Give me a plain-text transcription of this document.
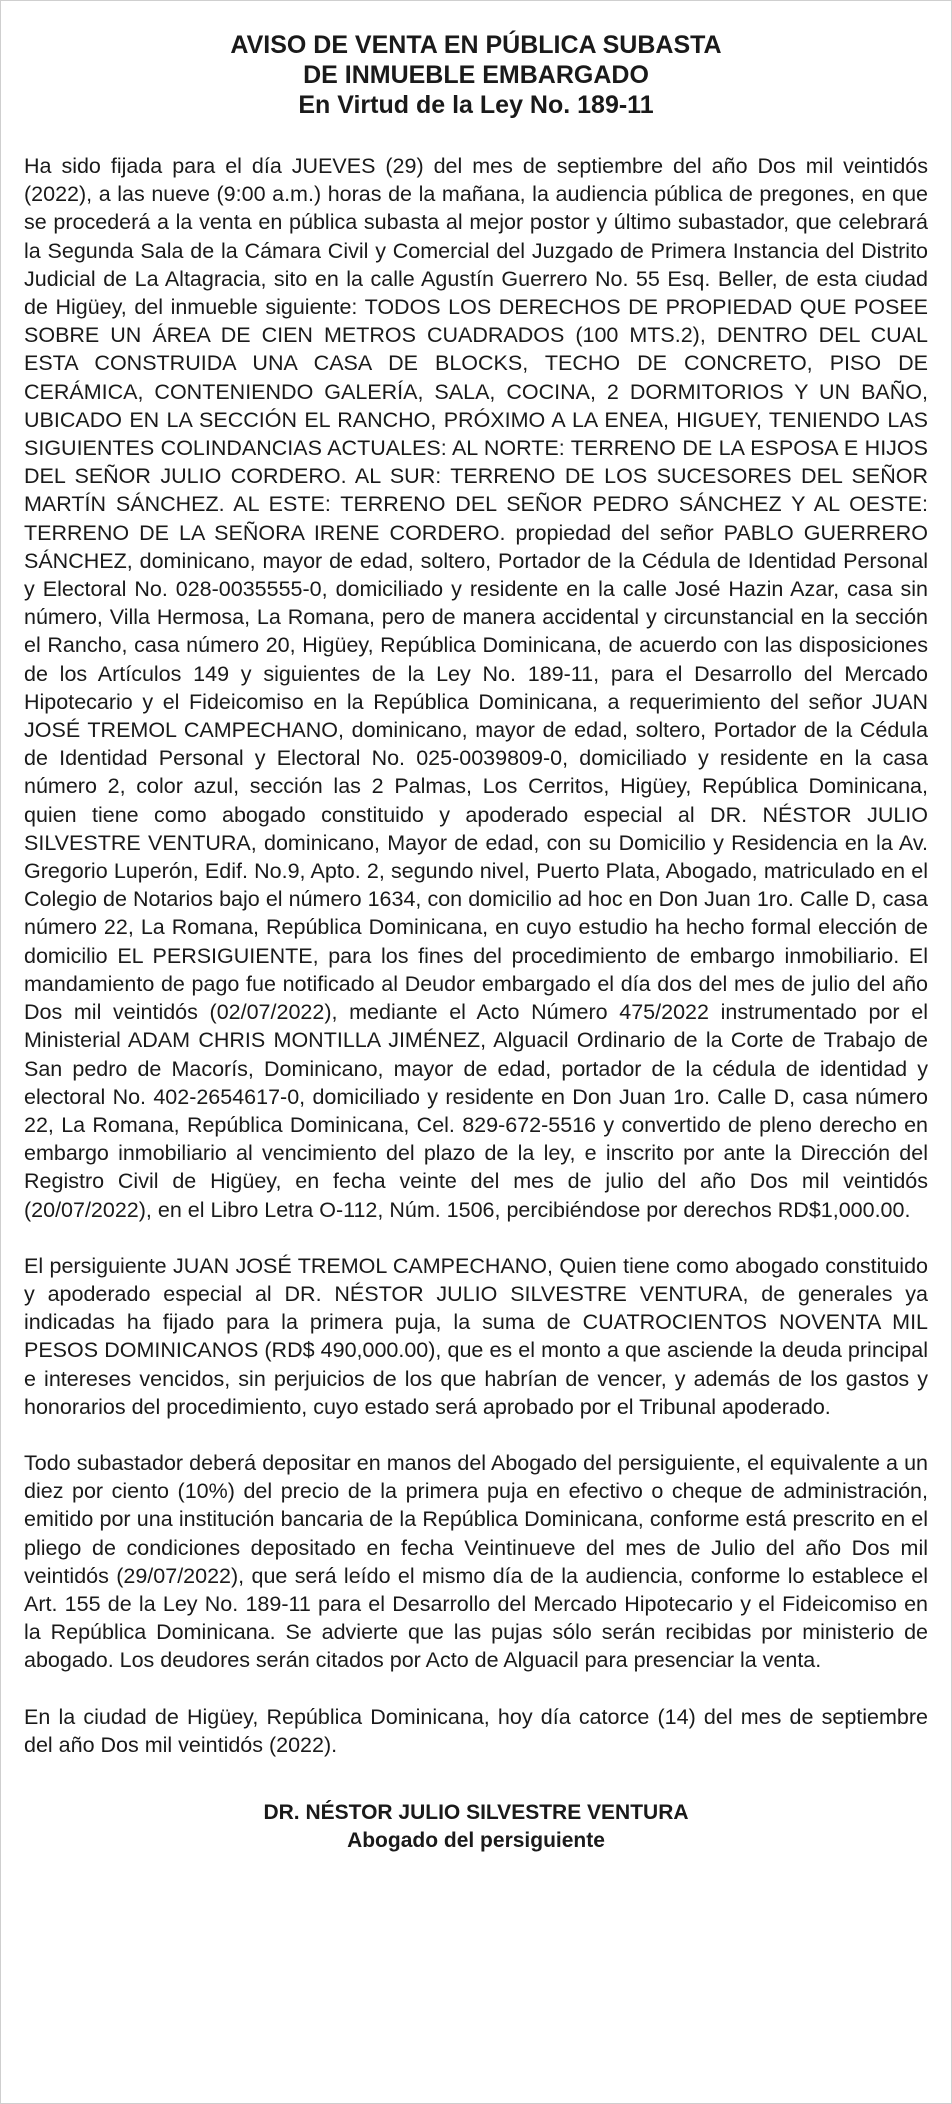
AVISO DE VENTA EN PÚBLICA SUBASTA
DE INMUEBLE EMBARGADO
En Virtud de la Ley No. 189-11

Ha sido fijada para el día JUEVES (29) del mes de septiembre del año Dos mil veintidós (2022), a las nueve (9:00 a.m.) horas de la mañana, la audiencia pública de pregones, en que se procederá a la venta en pública subasta al mejor postor y último subastador, que celebrará la Segunda Sala de la Cámara Civil y Comercial del Juzgado de Primera Instancia del Distrito Judicial de La Altagracia, sito en la calle Agustín Guerrero No. 55 Esq. Beller, de esta ciudad de Higüey, del inmueble siguiente: TODOS LOS DERECHOS DE PROPIEDAD QUE POSEE SOBRE UN ÁREA DE CIEN METROS CUADRADOS (100 MTS.2), DENTRO DEL CUAL ESTA CONSTRUIDA UNA CASA DE BLOCKS, TECHO DE CONCRETO, PISO DE CERÁMICA, CONTENIENDO GALERÍA, SALA, COCINA, 2 DORMITORIOS Y UN BAÑO, UBICADO EN LA SECCIÓN EL RANCHO, PRÓXIMO A LA ENEA, HIGUEY, TENIENDO LAS SIGUIENTES COLINDANCIAS ACTUALES: AL NORTE: TERRENO DE LA ESPOSA E HIJOS DEL SEÑOR JULIO CORDERO. AL SUR: TERRENO DE LOS SUCESORES DEL SEÑOR MARTÍN SÁNCHEZ. AL ESTE: TERRENO DEL SEÑOR PEDRO SÁNCHEZ Y AL OESTE: TERRENO DE LA SEÑORA IRENE CORDERO. propiedad del señor PABLO GUERRERO SÁNCHEZ, dominicano, mayor de edad, soltero, Portador de la Cédula de Identidad Personal y Electoral No. 028-0035555-0, domiciliado y residente en la calle José Hazin Azar, casa sin número, Villa Hermosa, La Romana, pero de manera accidental y circunstancial en la sección el Rancho, casa número 20, Higüey, República Dominicana, de acuerdo con las disposiciones de los Artículos 149 y siguientes de la Ley No. 189-11, para el Desarrollo del Mercado Hipotecario y el Fideicomiso en la República Dominicana, a requerimiento del señor JUAN JOSÉ TREMOL CAMPECHANO, dominicano, mayor de edad, soltero, Portador de la Cédula de Identidad Personal y Electoral No. 025-0039809-0, domiciliado y residente en la casa número 2, color azul, sección las 2 Palmas, Los Cerritos, Higüey, República Dominicana, quien tiene como abogado constituido y apoderado especial al DR. NÉSTOR JULIO SILVESTRE VENTURA, dominicano, Mayor de edad, con su Domicilio y Residencia en la Av. Gregorio Luperón, Edif. No.9, Apto. 2, segundo nivel, Puerto Plata, Abogado, matriculado en el Colegio de Notarios bajo el número 1634, con domicilio ad hoc en Don Juan 1ro. Calle D, casa número 22, La Romana, República Dominicana, en cuyo estudio ha hecho formal elección de domicilio EL PERSIGUIENTE, para los fines del procedimiento de embargo inmobiliario. El mandamiento de pago fue notificado al Deudor embargado el día dos del mes de julio del año Dos mil veintidós (02/07/2022), mediante el Acto Número 475/2022 instrumentado por el Ministerial ADAM CHRIS MONTILLA JIMÉNEZ, Alguacil Ordinario de la Corte de Trabajo de San pedro de Macorís, Dominicano, mayor de edad, portador de la cédula de identidad y electoral No. 402-2654617-0, domiciliado y residente en Don Juan 1ro. Calle D, casa número 22, La Romana, República Dominicana, Cel. 829-672-5516 y convertido de pleno derecho en embargo inmobiliario al vencimiento del plazo de la ley, e inscrito por ante la Dirección del Registro Civil de Higüey, en fecha veinte del mes de julio del año Dos mil veintidós (20/07/2022), en el Libro Letra O-112, Núm. 1506, percibiéndose por derechos RD$1,000.00.

El persiguiente JUAN JOSÉ TREMOL CAMPECHANO, Quien tiene como abogado constituido y apoderado especial al DR. NÉSTOR JULIO SILVESTRE VENTURA, de generales ya indicadas ha fijado para la primera puja, la suma de CUATROCIENTOS NOVENTA MIL PESOS DOMINICANOS (RD$ 490,000.00), que es el monto a que asciende la deuda principal e intereses vencidos, sin perjuicios de los que habrían de vencer, y además de los gastos y honorarios del procedimiento, cuyo estado será aprobado por el Tribunal apoderado.

Todo subastador deberá depositar en manos del Abogado del persiguiente, el equivalente a un diez por ciento (10%) del precio de la primera puja en efectivo o cheque de administración, emitido por una institución bancaria de la República Dominicana, conforme está prescrito en el pliego de condiciones depositado en fecha Veintinueve del mes de Julio del año Dos mil veintidós (29/07/2022), que será leído el mismo día de la audiencia, conforme lo establece el Art. 155 de la Ley No. 189-11 para el Desarrollo del Mercado Hipotecario y el Fideicomiso en la República Dominicana. Se advierte que las pujas sólo serán recibidas por ministerio de abogado. Los deudores serán citados por Acto de Alguacil para presenciar la venta.

En la ciudad de Higüey, República Dominicana, hoy día catorce (14) del mes de septiembre del año Dos mil veintidós (2022).

DR. NÉSTOR JULIO SILVESTRE VENTURA
Abogado del persiguiente
